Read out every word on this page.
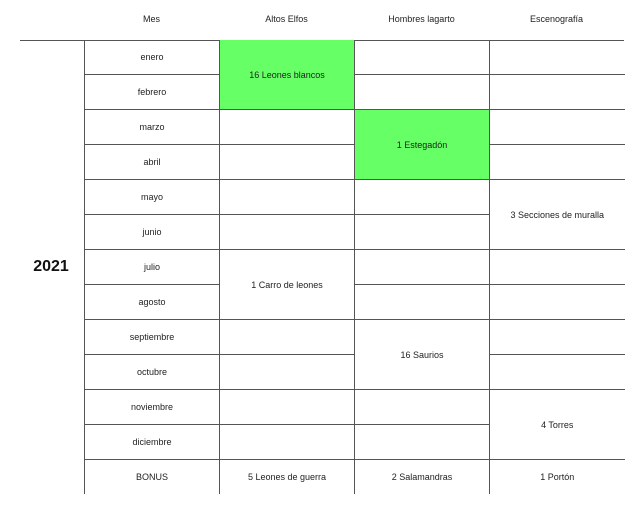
Mes	Altos Elfos	Hombres lagarto	Escenografía
2021
enero	16 Leones blancos		
febrero			
marzo		1 Estegadón	
abril			
mayo			3 Secciones de muralla
junio			
julio	1 Carro de leones		
agosto			
septiembre		16 Saurios	
octubre			
noviembre			4 Torres
diciembre			
BONUS	5 Leones de guerra	2 Salamandras	1 Portón
